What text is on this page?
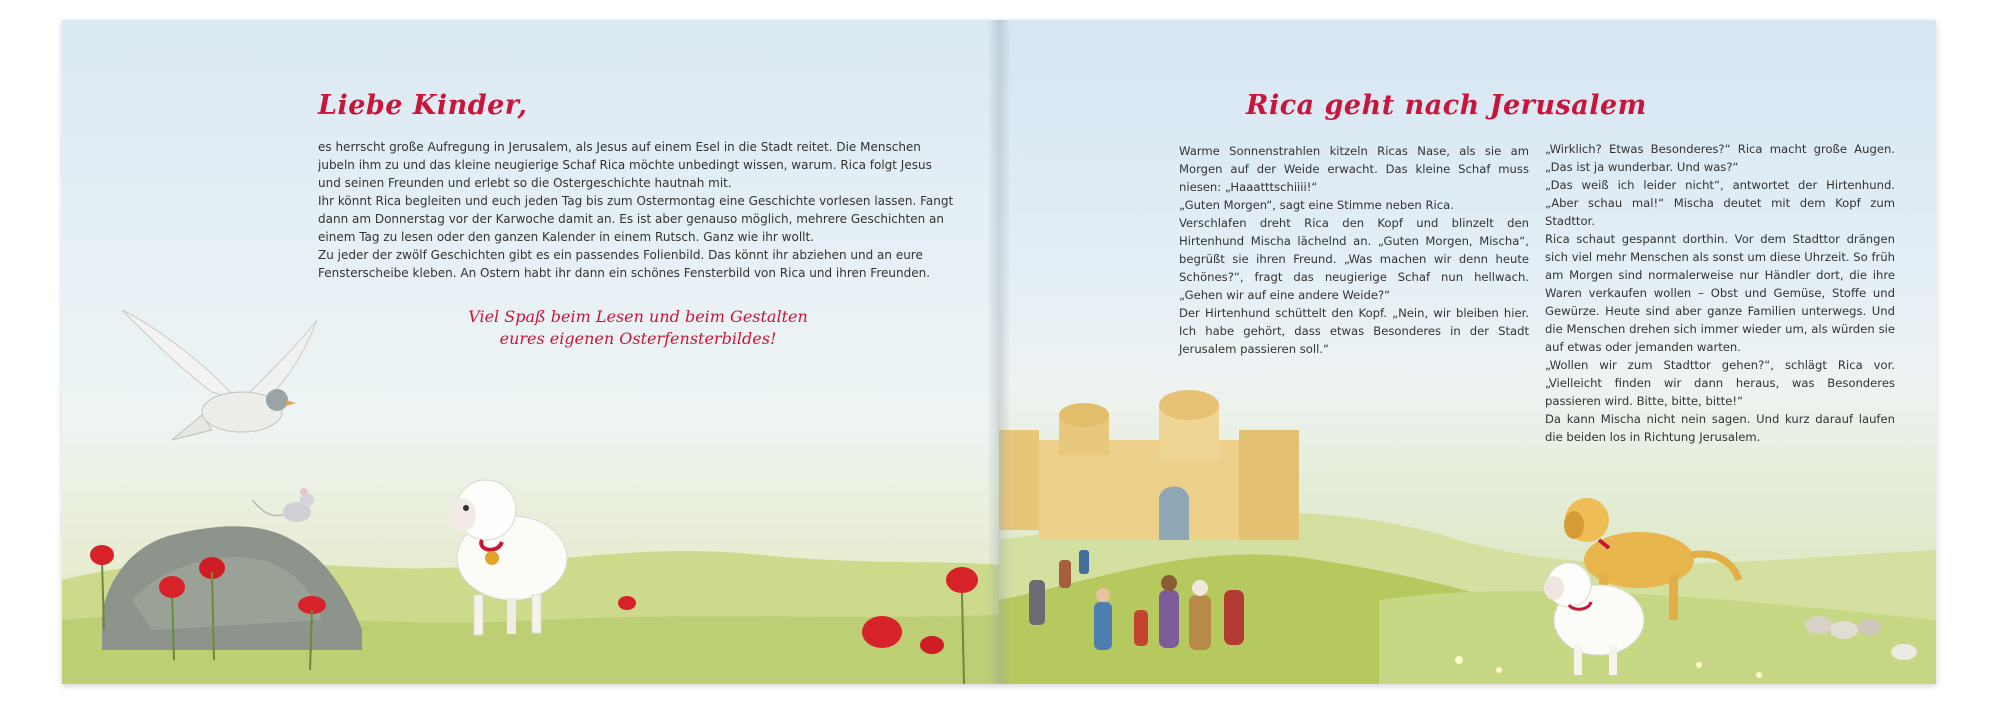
Liebe Kinder,

es herrscht große Aufregung in Jerusalem, als Jesus auf einem Esel in die Stadt reitet. Die Menschen jubeln ihm zu und das kleine neugierige Schaf Rica möchte unbedingt wissen, warum. Rica folgt Jesus und seinen Freunden und erlebt so die Ostergeschichte hautnah mit.

Ihr könnt Rica begleiten und euch jeden Tag bis zum Ostermontag eine Geschichte vorlesen lassen. Fangt dann am Donnerstag vor der Karwoche damit an. Es ist aber genauso möglich, mehrere Geschichten an einem Tag zu lesen oder den ganzen Kalender in einem Rutsch. Ganz wie ihr wollt.

Zu jeder der zwölf Geschichten gibt es ein passendes Folienbild. Das könnt ihr abziehen und an eure Fensterscheibe kleben. An Ostern habt ihr dann ein schönes Fensterbild von Rica und ihren Freunden.

Viel Spaß beim Lesen und beim Gestalten
eures eigenen Osterfensterbildes!
Rica geht nach Jerusalem

Warme Sonnenstrahlen kitzeln Ricas Nase, als sie am Morgen auf der Weide erwacht. Das kleine Schaf muss niesen: „Haaatttschiiii!“

„Guten Morgen“, sagt eine Stimme neben Rica.

Verschlafen dreht Rica den Kopf und blinzelt den Hirtenhund Mischa lächelnd an. „Guten Morgen, Mischa“, begrüßt sie ihren Freund. „Was machen wir denn heute Schönes?“, fragt das neugierige Schaf nun hellwach. „Gehen wir auf eine andere Weide?“

Der Hirtenhund schüttelt den Kopf. „Nein, wir bleiben hier. Ich habe gehört, dass etwas Besonderes in der Stadt Jerusalem passieren soll.“

„Wirklich? Etwas Besonderes?“ Rica macht große Augen. „Das ist ja wunderbar. Und was?“

„Das weiß ich leider nicht“, antwortet der Hirtenhund. „Aber schau mal!“ Mischa deutet mit dem Kopf zum Stadttor.

Rica schaut gespannt dorthin. Vor dem Stadttor drängen sich viel mehr Menschen als sonst um diese Uhrzeit. So früh am Morgen sind normalerweise nur Händler dort, die ihre Waren verkaufen wollen – Obst und Gemüse, Stoffe und Gewürze. Heute sind aber ganze Familien unterwegs. Und die Menschen drehen sich immer wieder um, als würden sie auf etwas oder jemanden warten.

„Wollen wir zum Stadttor gehen?“, schlägt Rica vor. „Vielleicht finden wir dann heraus, was Besonderes passieren wird. Bitte, bitte, bitte!“

Da kann Mischa nicht nein sagen. Und kurz darauf laufen die beiden los in Richtung Jerusalem.
